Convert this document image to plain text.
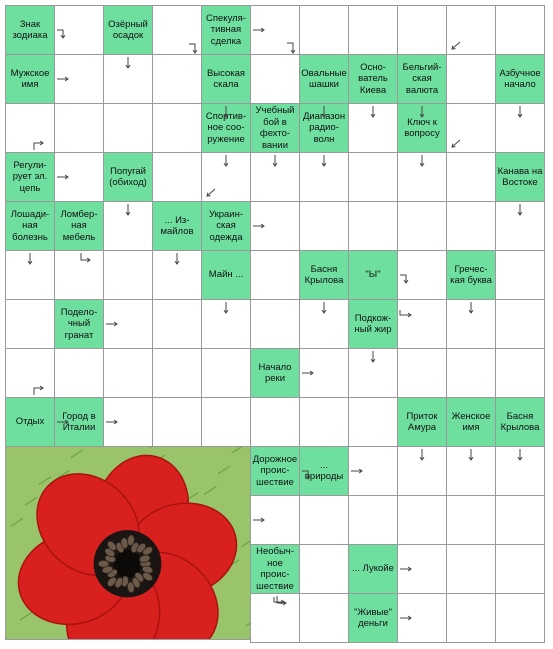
Знак зодиака
Озёрный осадок
Спекуля-тивная сделка
Мужское имя
Высокая скала
Овальные шашки
Осно-ватель Киева
Бельгий-ская валюта
Азбучное начало
Спортив-ное соо-ружение
Учебный бой в фехто-вании
Диапазон радио-волн
Ключ к вопросу
Регули-рует эл. цепь
Попугай (обиход)
Канава на Востоке
Лошади-ная болезнь
Ломбер-ная мебель
... Из-майлов
Украин-ская одежда
Майн ...
Басня Крылова
"Ы"
Гречес-кая буква
Подело-чный гранат
Подкож-ный жир
Начало реки
Отдых
Город в Италии
Приток Амура
Женское имя
Басня Крылова
Дорожное проис-шествие
... природы
Необыч-ное проис-шествие
... Лукойе
"Живые" деньги
